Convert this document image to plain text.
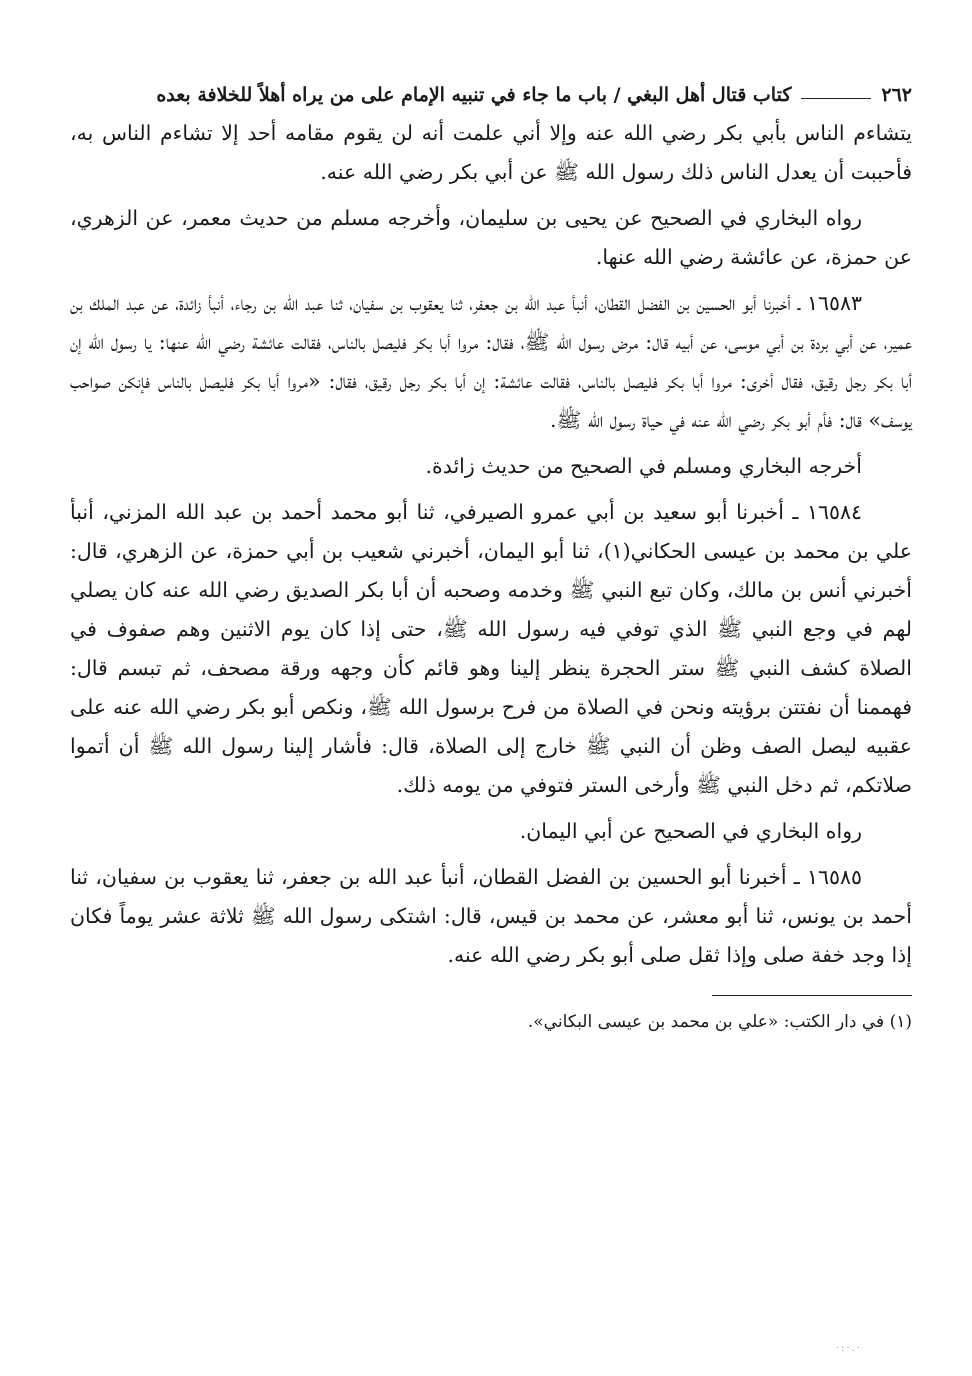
٢٦٢
كتاب قتال أهل البغي / باب ما جاء في تنبيه الإمام على من يراه أهلاً للخلافة بعده

يتشاءم الناس بأبي بكر رضي الله عنه وإلا أني علمت أنه لن يقوم مقامه أحد إلا تشاءم الناس به، فأحببت أن يعدل الناس ذلك رسول الله ﷺ عن أبي بكر رضي الله عنه.

رواه البخاري في الصحيح عن يحيى بن سليمان، وأخرجه مسلم من حديث معمر، عن الزهري، عن حمزة، عن عائشة رضي الله عنها.

١٦٥٨٣ ـ أخبرنا أبو الحسين بن الفضل القطان، أنبأ عبد الله بن جعفر، ثنا يعقوب بن سفيان، ثنا عبد الله بن رجاء، أنبأ زائدة، عن عبد الملك بن عمير، عن أبي بردة بن أبي موسى، عن أبيه قال: مرض رسول الله ﷺ، فقال: مروا أبا بكر فليصل بالناس، فقالت عائشة رضي الله عنها: يا رسول الله إن أبا بكر رجل رقيق، فقال أخرى: مروا أبا بكر فليصل بالناس، فقالت عائشة: إن أبا بكر رجل رقيق، فقال: «مروا أبا بكر فليصل بالناس فإنكن صواحب يوسف» قال: فأم أبو بكر رضي الله عنه في حياة رسول الله ﷺ.

أخرجه البخاري ومسلم في الصحيح من حديث زائدة.

١٦٥٨٤ ـ أخبرنا أبو سعيد بن أبي عمرو الصيرفي، ثنا أبو محمد أحمد بن عبد الله المزني، أنبأ علي بن محمد بن عيسى الحكاني(١)، ثنا أبو اليمان، أخبرني شعيب بن أبي حمزة، عن الزهري، قال: أخبرني أنس بن مالك، وكان تبع النبي ﷺ وخدمه وصحبه أن أبا بكر الصديق رضي الله عنه كان يصلي لهم في وجع النبي ﷺ الذي توفي فيه رسول الله ﷺ، حتى إذا كان يوم الاثنين وهم صفوف في الصلاة كشف النبي ﷺ ستر الحجرة ينظر إلينا وهو قائم كأن وجهه ورقة مصحف، ثم تبسم قال: فهممنا أن نفتتن برؤيته ونحن في الصلاة من فرح برسول الله ﷺ، ونكص أبو بكر رضي الله عنه على عقبيه ليصل الصف وظن أن النبي ﷺ خارج إلى الصلاة، قال: فأشار إلينا رسول الله ﷺ أن أتموا صلاتكم، ثم دخل النبي ﷺ وأرخى الستر فتوفي من يومه ذلك.

رواه البخاري في الصحيح عن أبي اليمان.

١٦٥٨٥ ـ أخبرنا أبو الحسين بن الفضل القطان، أنبأ عبد الله بن جعفر، ثنا يعقوب بن سفيان، ثنا أحمد بن يونس، ثنا أبو معشر، عن محمد بن قيس، قال: اشتكى رسول الله ﷺ ثلاثة عشر يوماً فكان إذا وجد خفة صلى وإذا ثقل صلى أبو بكر رضي الله عنه.

(١) في دار الكتب: «علي بن محمد بن عيسى البكاني».
·:·.·
